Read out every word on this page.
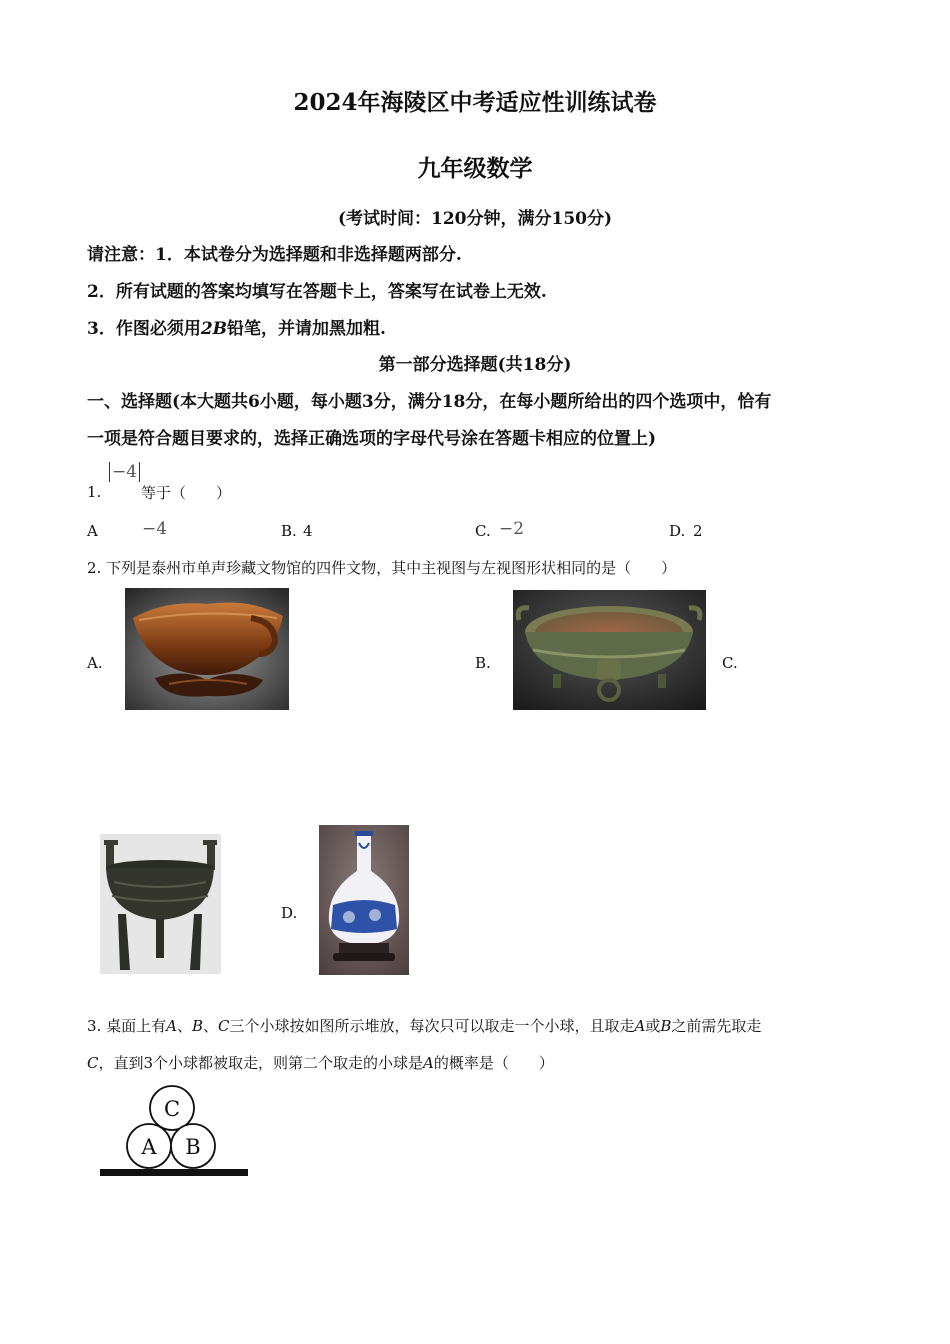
2024年海陵区中考适应性训练试卷
九年级数学
(考试时间：120分钟，满分150分)
请注意：1．本试卷分为选择题和非选择题两部分.
2．所有试题的答案均填写在答题卡上，答案写在试卷上无效.
3．作图必须用2B铅笔，并请加黑加粗.
第一部分选择题(共18分)
一、选择题(本大题共6小题，每小题3分，满分18分，在每小题所给出的四个选项中，恰有
一项是符合题目要求的，选择正确选项的字母代号涂在答题卡相应的位置上)
1.
−4
等于（　　）
A	−4	B. 4	C. −2	D. 2
2. 下列是泰州市单声珍藏文物馆的四件文物，其中主视图与左视图形状相同的是（　　）
A.	B.	C.
D.
3. 桌面上有A、B、C三个小球按如图所示堆放，每次只可以取走一个小球，且取走A或B之前需先取走
C，直到3个小球都被取走，则第二个取走的小球是A的概率是（　　）
C
A B
